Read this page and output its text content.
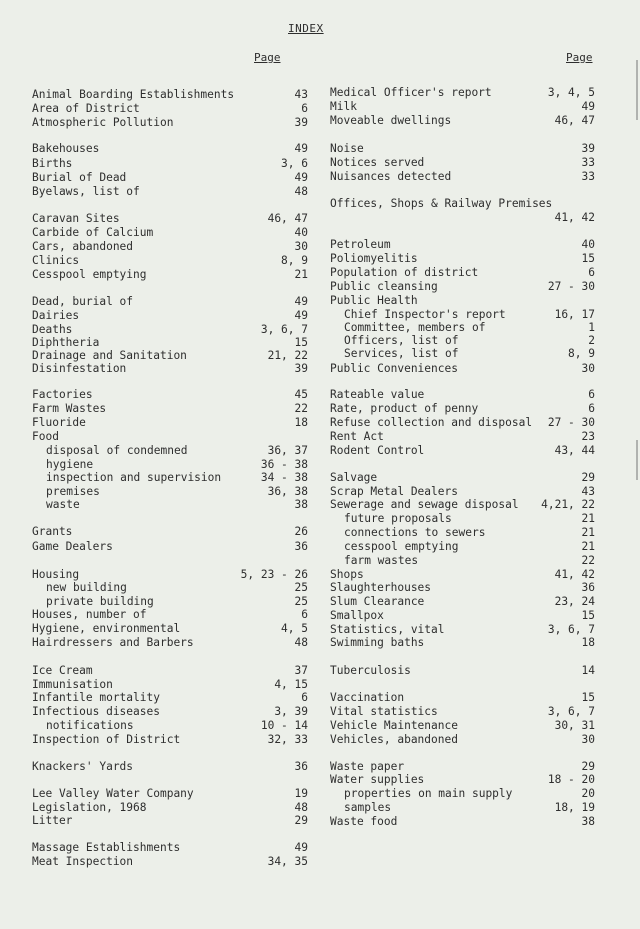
INDEX
Page
Animal Boarding Establishments	43
Area of District	6
Atmospheric Pollution	39
Bakehouses	49
Births	3, 6
Burial of Dead	49
Byelaws, list of	48
Caravan Sites	46, 47
Carbide of Calcium	40
Cars, abandoned	30
Clinics	8, 9
Cesspool emptying	21
Dead, burial of	49
Dairies	49
Deaths	3, 6, 7
Diphtheria	15
Drainage and Sanitation	21, 22
Disinfestation	39
Factories	45
Farm Wastes	22
Fluoride	18
Food
disposal of condemned	36, 37
hygiene	36 - 38
inspection and supervision	34 - 38
premises	36, 38
waste	38
Grants	26
Game Dealers	36
Housing	5, 23 - 26
new building	25
private building	25
Houses, number of	6
Hygiene, environmental	4, 5
Hairdressers and Barbers	48
Ice Cream	37
Immunisation	4, 15
Infantile mortality	6
Infectious diseases	3, 39
notifications	10 - 14
Inspection of District	32, 33
Knackers' Yards	36
Lee Valley Water Company	19
Legislation, 1968	48
Litter	29
Massage Establishments	49
Meat Inspection	34, 35
Page
Medical Officer's report	3, 4, 5
Milk	49
Moveable dwellings	46, 47
Noise	39
Notices served	33
Nuisances detected	33
Offices, Shops & Railway Premises
41, 42
Petroleum	40
Poliomyelitis	15
Population of district	6
Public cleansing	27 - 30
Public Health
Chief Inspector's report	16, 17
Committee, members of	1
Officers, list of	2
Services, list of	8, 9
Public Conveniences	30
Rateable value	6
Rate, product of penny	6
Refuse collection and disposal 27 - 30
Rent Act	23
Rodent Control	43, 44
Salvage	29
Scrap Metal Dealers	43
Sewerage and sewage disposal 4,21, 22
future proposals	21
connections to sewers	21
cesspool emptying	21
farm wastes	22
Shops	41, 42
Slaughterhouses	36
Slum Clearance	23, 24
Smallpox	15
Statistics, vital	3, 6, 7
Swimming baths	18
Tuberculosis	14
Vaccination	15
Vital statistics	3, 6, 7
Vehicle Maintenance	30, 31
Vehicles, abandoned	30
Waste paper	29
Water supplies	18 - 20
properties on main supply	20
samples	18, 19
Waste food	38
